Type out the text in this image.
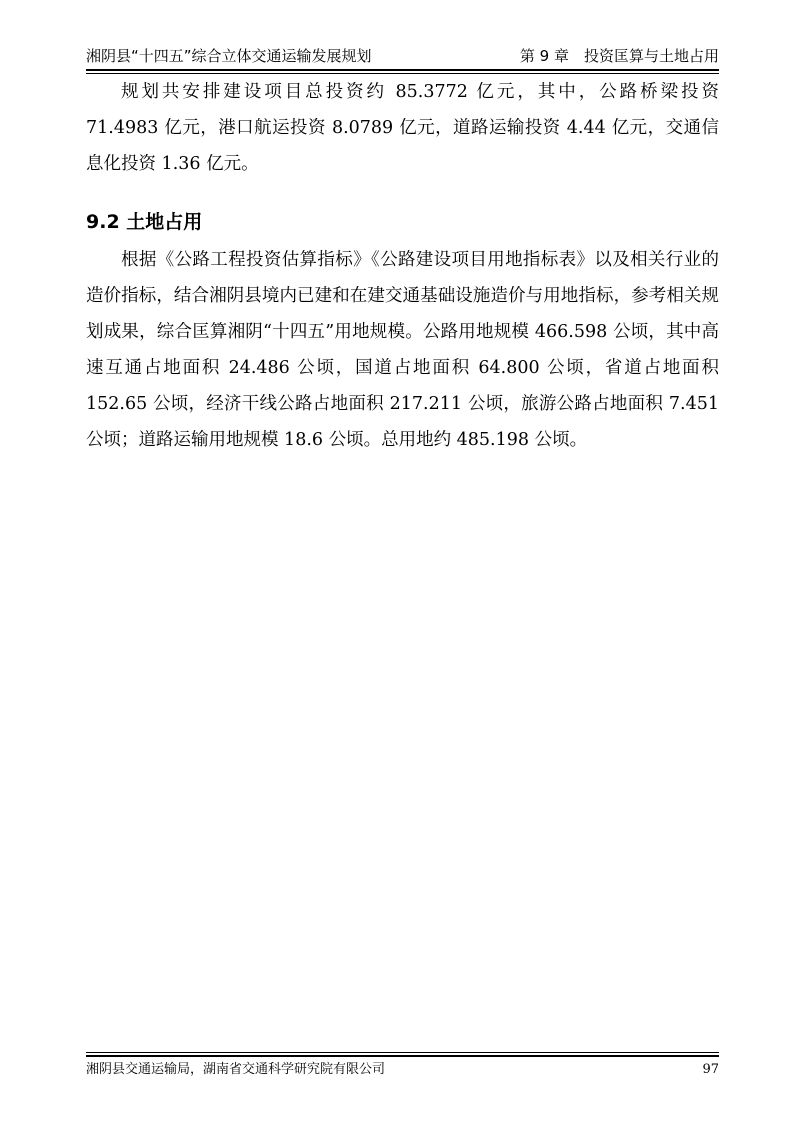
湘阴县“十四五”综合立体交通运输发展规划	第 9 章　投资匡算与土地占用

规划共安排建设项目总投资约 85.3772 亿元，其中，公路桥梁投资 71.4983 亿元，港口航运投资 8.0789 亿元，道路运输投资 4.44 亿元，交通信息化投资 1.36 亿元。

9.2 土地占用

根据《公路工程投资估算指标》《公路建设项目用地指标表》以及相关行业的造价指标，结合湘阴县境内已建和在建交通基础设施造价与用地指标，参考相关规划成果，综合匡算湘阴“十四五”用地规模。公路用地规模 466.598 公顷，其中高速互通占地面积 24.486 公顷，国道占地面积 64.800 公顷，省道占地面积 152.65 公顷，经济干线公路占地面积 217.211 公顷，旅游公路占地面积 7.451 公顷；道路运输用地规模 18.6 公顷。总用地约 485.198 公顷。

湘阴县交通运输局，湖南省交通科学研究院有限公司	97
